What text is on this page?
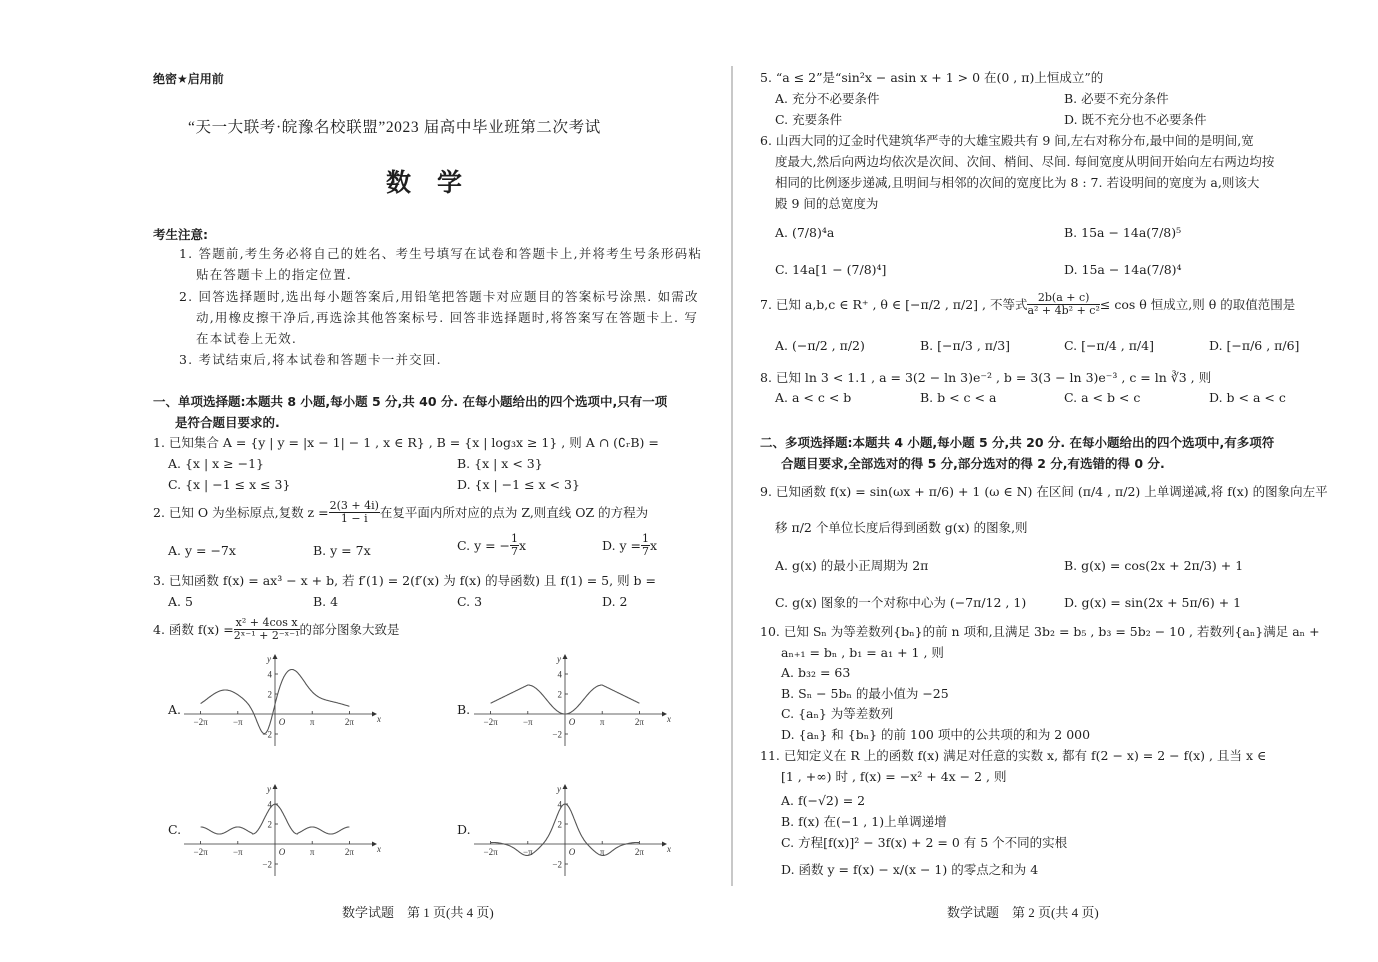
绝密★启用前
“天一大联考·皖豫名校联盟”2023 届高中毕业班第二次考试
数学
考生注意:
1. 答题前,考生务必将自己的姓名、考生号填写在试卷和答题卡上,并将考生号条形码粘
贴在答题卡上的指定位置.
2. 回答选择题时,选出每小题答案后,用铅笔把答题卡对应题目的答案标号涂黑. 如需改
动,用橡皮擦干净后,再选涂其他答案标号. 回答非选择题时,将答案写在答题卡上. 写
在本试卷上无效.
3. 考试结束后,将本试卷和答题卡一并交回.
一、单项选择题:本题共 8 小题,每小题 5 分,共 40 分. 在每小题给出的四个选项中,只有一项
是符合题目要求的.
1. 已知集合 A = {y | y = |x − 1| − 1 , x ∈ R} , B = {x | log₃x ≥ 1} , 则 A ∩ (∁ᵣB) =
A. {x | x ≥ −1}	B. {x | x < 3}
C. {x | −1 ≤ x ≤ 3}	D. {x | −1 ≤ x < 3}
2. 已知 O 为坐标原点,复数 $z = \frac{2(3 + 4i)}{1 - i}$ 在复平面内所对应的点为 Z,则直线 OZ 的方程为
A. y = −7x	B. y = 7x	C. y = − $\frac{1}{7}$ x	D. $y = \frac{1}{7}$ x
3. 已知函数 f(x) = ax³ − x + b, 若 f′(1) = 2(f′(x) 为 f(x) 的导函数) 且 f(1) = 5, 则 b =
A. 5	B. 4	C. 3	D. 2
4. 函数 $f(x) = \frac{\text{x² + 4cos x}}{\text{2ˣ⁻¹ + 2⁻ˣ⁻¹}}$ 的部分图象大致是
A.
x
y
4
2
−2
−2π	−π	O	π	2π
B.
x
y
4
2
−2
−2π	−π	O	π	2π
C.
x
y
4
2
−2
−2π	−π	O	π	2π
D.
x
y
4
2
−2
−2π	−π	O	π	2π
数学试题　第 1 页(共 4 页)
5. “a ≤ 2”是“sin²x − asin x + 1 > 0 在(0 , π)上恒成立”的
A. 充分不必要条件	B. 必要不充分条件
C. 充要条件	D. 既不充分也不必要条件
6. 山西大同的辽金时代建筑华严寺的大雄宝殿共有 9 间,左右对称分布,最中间的是明间,宽
度最大,然后向两边均依次是次间、次间、梢间、尽间. 每间宽度从明间开始向左右两边均按
相同的比例逐步递减,且明间与相邻的次间的宽度比为 8 : 7. 若设明间的宽度为 a,则该大
殿 9 间的总宽度为
A. (7/8)⁴a	B. 15a − 14a(7/8)⁵
C. 14a[1 − (7/8)⁴]	D. 15a − 14a(7/8)⁴
7. 已知 a,b,c ∈ R⁺ , θ ∈ [−π/2 , π/2] , 不等式 $\frac{2b(a + c)}{\text{a² + 4b² + c²}} \le \cos \theta$ 恒成立,则 θ 的取值范围是
A. (−π/2 , π/2)	B. [−π/3 , π/3]	C. [−π/4 , π/4]	D. [−π/6 , π/6]
8. 已知 ln 3 < 1.1 , a = 3(2 − ln 3)e⁻² , b = 3(3 − ln 3)e⁻³ , c = ln ∛3 , 则
A. a < c < b	B. b < c < a	C. a < b < c	D. b < a < c
二、多项选择题:本题共 4 小题,每小题 5 分,共 20 分. 在每小题给出的四个选项中,有多项符
合题目要求,全部选对的得 5 分,部分选对的得 2 分,有选错的得 0 分.
9. 已知函数 f(x) = sin(ωx + π/6) + 1 (ω ∈ N) 在区间 (π/4 , π/2) 上单调递减,将 f(x) 的图象向左平
移 π/2 个单位长度后得到函数 g(x) 的图象,则
A. g(x) 的最小正周期为 2π	B. g(x) = cos(2x + 2π/3) + 1
C. g(x) 图象的一个对称中心为 (−7π/12 , 1)	D. g(x) = sin(2x + 5π/6) + 1
10. 已知 Sₙ 为等差数列{bₙ}的前 n 项和,且满足 3b₂ = b₅ , b₃ = 5b₂ − 10 , 若数列{aₙ}满足 aₙ +
aₙ₊₁ = bₙ , b₁ = a₁ + 1 , 则
A. b₃₂ = 63
B. Sₙ − 5bₙ 的最小值为 −25
C. {aₙ} 为等差数列
D. {aₙ} 和 {bₙ} 的前 100 项中的公共项的和为 2 000
11. 已知定义在 R 上的函数 f(x) 满足对任意的实数 x, 都有 f(2 − x) = 2 − f(x) , 且当 x ∈
[1 , +∞) 时 , f(x) = −x² + 4x − 2 , 则
A. f(−√2) = 2
B. f(x) 在(−1 , 1)上单调递增
C. 方程[f(x)]² − 3f(x) + 2 = 0 有 5 个不同的实根
D. 函数 y = f(x) − x/(x − 1) 的零点之和为 4
数学试题　第 2 页(共 4 页)
